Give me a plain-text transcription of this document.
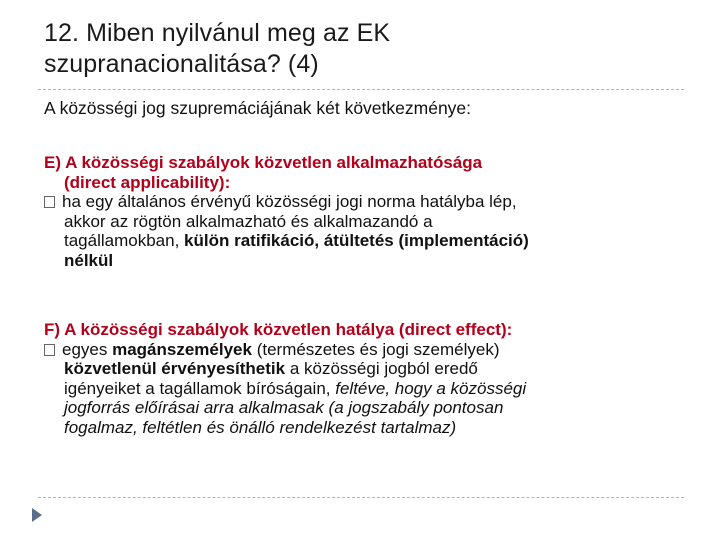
12. Miben nyilvánul meg az EK
szupranacionalitása? (4)
A közösségi jog szupremáciájának két következménye:
E) A közösségi szabályok közvetlen alkalmazhatósága
(direct applicability):
ha egy általános érvényű közösségi jogi norma hatályba lép,
akkor az rögtön alkalmazható és alkalmazandó a
tagállamokban, külön ratifikáció, átültetés (implementáció)
nélkül
F) A közösségi szabályok közvetlen hatálya (direct effect):
egyes magánszemélyek (természetes és jogi személyek)
közvetlenül érvényesíthetik a közösségi jogból eredő
igényeiket a tagállamok bíróságain, feltéve, hogy a közösségi
jogforrás előírásai arra alkalmasak (a jogszabály pontosan
fogalmaz, feltétlen és önálló rendelkezést tartalmaz)
